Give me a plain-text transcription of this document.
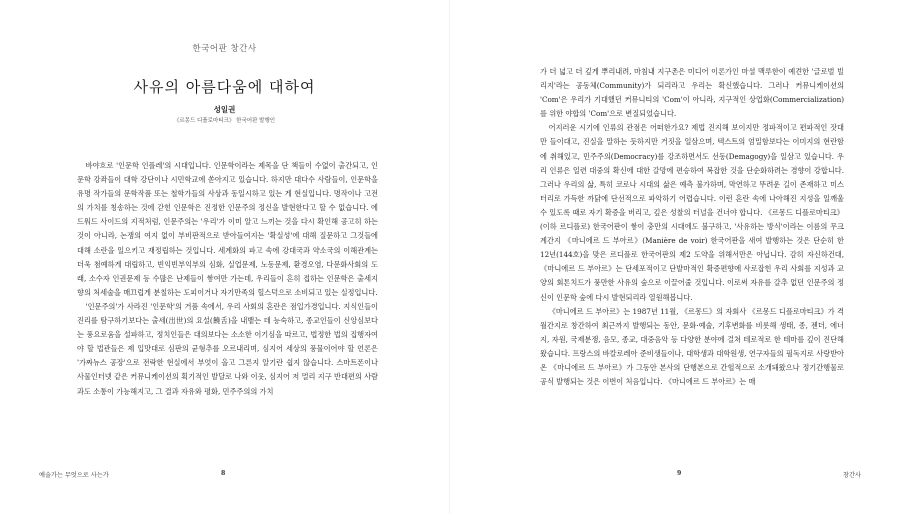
한국어판 창간사
사유의 아름다움에 대하여
성일권
《르몽드 디플로마티크》 한국어판 발행인

바야흐로 '인문학 인플레'의 시대입니다. 인문학이라는 제목을 단 책들이 수없이 출간되고, 인문학 강좌들이 대학 강단이나 시민학교에 쏟아지고 있습니다. 하지만 대다수 사람들이, 인문학을 유명 작가들의 문학작품 또는 철학가들의 사상과 동일시하고 있는 게 현실입니다. 명작이나 고전의 가치를 칭송하는 것에 갇힌 인문학은 진정한 인문주의 정신을 발현한다고 할 수 없습니다. 에드워드 사이드의 지적처럼, 인문주의는 '우리'가 이미 알고 느끼는 것을 다시 확인해 공고히 하는 것이 아니라, 논쟁의 여지 없이 부비판적으로 받아들여지는 '확실성'에 대해 질문하고 그것들에 대해 소란을 일으키고 재정립하는 것입니다. 세계화의 파고 속에 강대국과 약소국의 이해관계는 더욱 첨예하게 대립하고, 빈익빈부익부의 심화, 실업문제, 노동문제, 환경오염, 다문화사회의 도래, 소수자 인권문제 등 수많은 난제들이 쌓여만 가는데, 우리들이 흔히 접하는 인문학은 출세지향의 처세술을 매끄럽게 분칠하는 도피이거나 자기만족의 힐스덕으로 소비되고 있는 실정입니다.

'인문주의'가 사라진 '인문학'의 거품 속에서, 우리 사회의 혼란은 점입가경입니다. 지식인들이 진리를 탐구하기보다는 출세(出世)의 요설(饒舌)을 내뱉는 데 능숙하고, 종교인들이 신앙심보다는 풍요로움을 설파하고, 정치인들은 대의보다는 소소한 이기심을 따르고, 법정한 법의 집행자여야 할 법관들은 제 입맛대로 심판의 균형추를 오르내리며, 심지어 세상의 풍물이어야 할 언론은 '가짜뉴스 공장'으로 전락한 현실에서 부엇이 올고 그른지 알기란 쉽지 않습니다. 스마트폰이나 사물인터넷 같은 커뮤니케이션의 획기적인 발달로 나와 이웃, 심지어 저 멀리 지구 반대편의 사람과도 소통이 가능해지고, 그 결과 자유와 평화, 민주주의의 가치

예술가는 무엇으로 사는가	8

가 더 넓고 더 깊게 뿌리내려, 마침내 지구촌은 미디어 이론가인 마셜 맥루한이 예견한 '글로벌 빌리지'라는 공동체(Community)가 되리라고 우리는 확신했습니다. 그러나 커뮤니케이션의 'Com'은 우리가 기대했던 커뮤니티의 'Com'이 아니라, 지구적인 상업화(Commercialization)를 위한 야합의 'Com'으로 변질되었습니다.

어지러운 시기에 인류의 관점은 어떠한가요? 제법 진지해 보이지만 정파적이고 편파적인 잣대만 들이대고, 진실을 말하는 듯하지만 거짓을 일삼으며, 텍스트의 엄밀함보다는 이미지의 현란함에 취해있고, 민주주의(Democracy)를 강조하면서도 선동(Demagogy)을 일삼고 있습니다. 우리 인류은 일련 대중의 확신에 대한 갈망에 편승하여 복잡한 것을 단순화하려는 경향이 강합니다. 그러나 우리의 삶, 특히 코로나 시대의 삶은 예측 불가하며, 막연하고 뚜려운 길이 존재하고 미스터리로 가득한 까닭에 단선적으로 파악하기 어렵습니다. 이런 혼란 속에 나아해진 지성을 일깨울 수 있도록 때로 자기 확증을 버리고, 깊은 성찰의 터널을 건너야 합니다. 《르몽드 디플로마티크》(이하 르디플로) 한국어판이 쌓이 충만의 시대에도 불구하고, '사유하는 방식'이라는 이름의 무크 계간지 《마니에르 드 부아르》(Manière de voir) 한국어판을 새여 발행하는 것은 단순히 한 12년(144호)을 맞은 르디플로 한국어판의 제2 도약을 위해서만은 아닙니다. 감히 자신하건대, 《마니에르 드 부아르》는 단세포적이고 단발마적인 확증편향에 사로잡힌 우리 사회를 지성과 교양의 회톤치드가 풍만한 사유의 숲으로 이끌어줄 것입니다. 이로써 자유를 갈추 없던 인문주의 정신이 인문학 숲에 다시 발현되리라 열원해봅니다.

《마니에르 드 부아르》는 1987년 11월, 《르몽드》의 자회사 《르몽드 디플로마티크》가 격월간지로 창간하여 최근까지 발행되는 동안, 문화·예술, 기후변화를 비롯해 생태, 종, 젠더, 에너지, 자원, 국제분쟁, 음모, 종교, 대중음악 등 다양한 분야에 걸쳐 테로적로 한 테마를 깊이 진단해왔습니다. 프랑스의 바칼로레아 준비생들이나, 대학생과 대학원생, 연구자들의 필독지로 사랑받아온 《마니에르 드 부아르》가 그동안 본사의 단행본으로 간헐적으로 소개돼왔으나 정기간행물로 공식 발행되는 것은 이번이 처음입니다. 《마니에르 드 부아르》는 매

9	창간사
